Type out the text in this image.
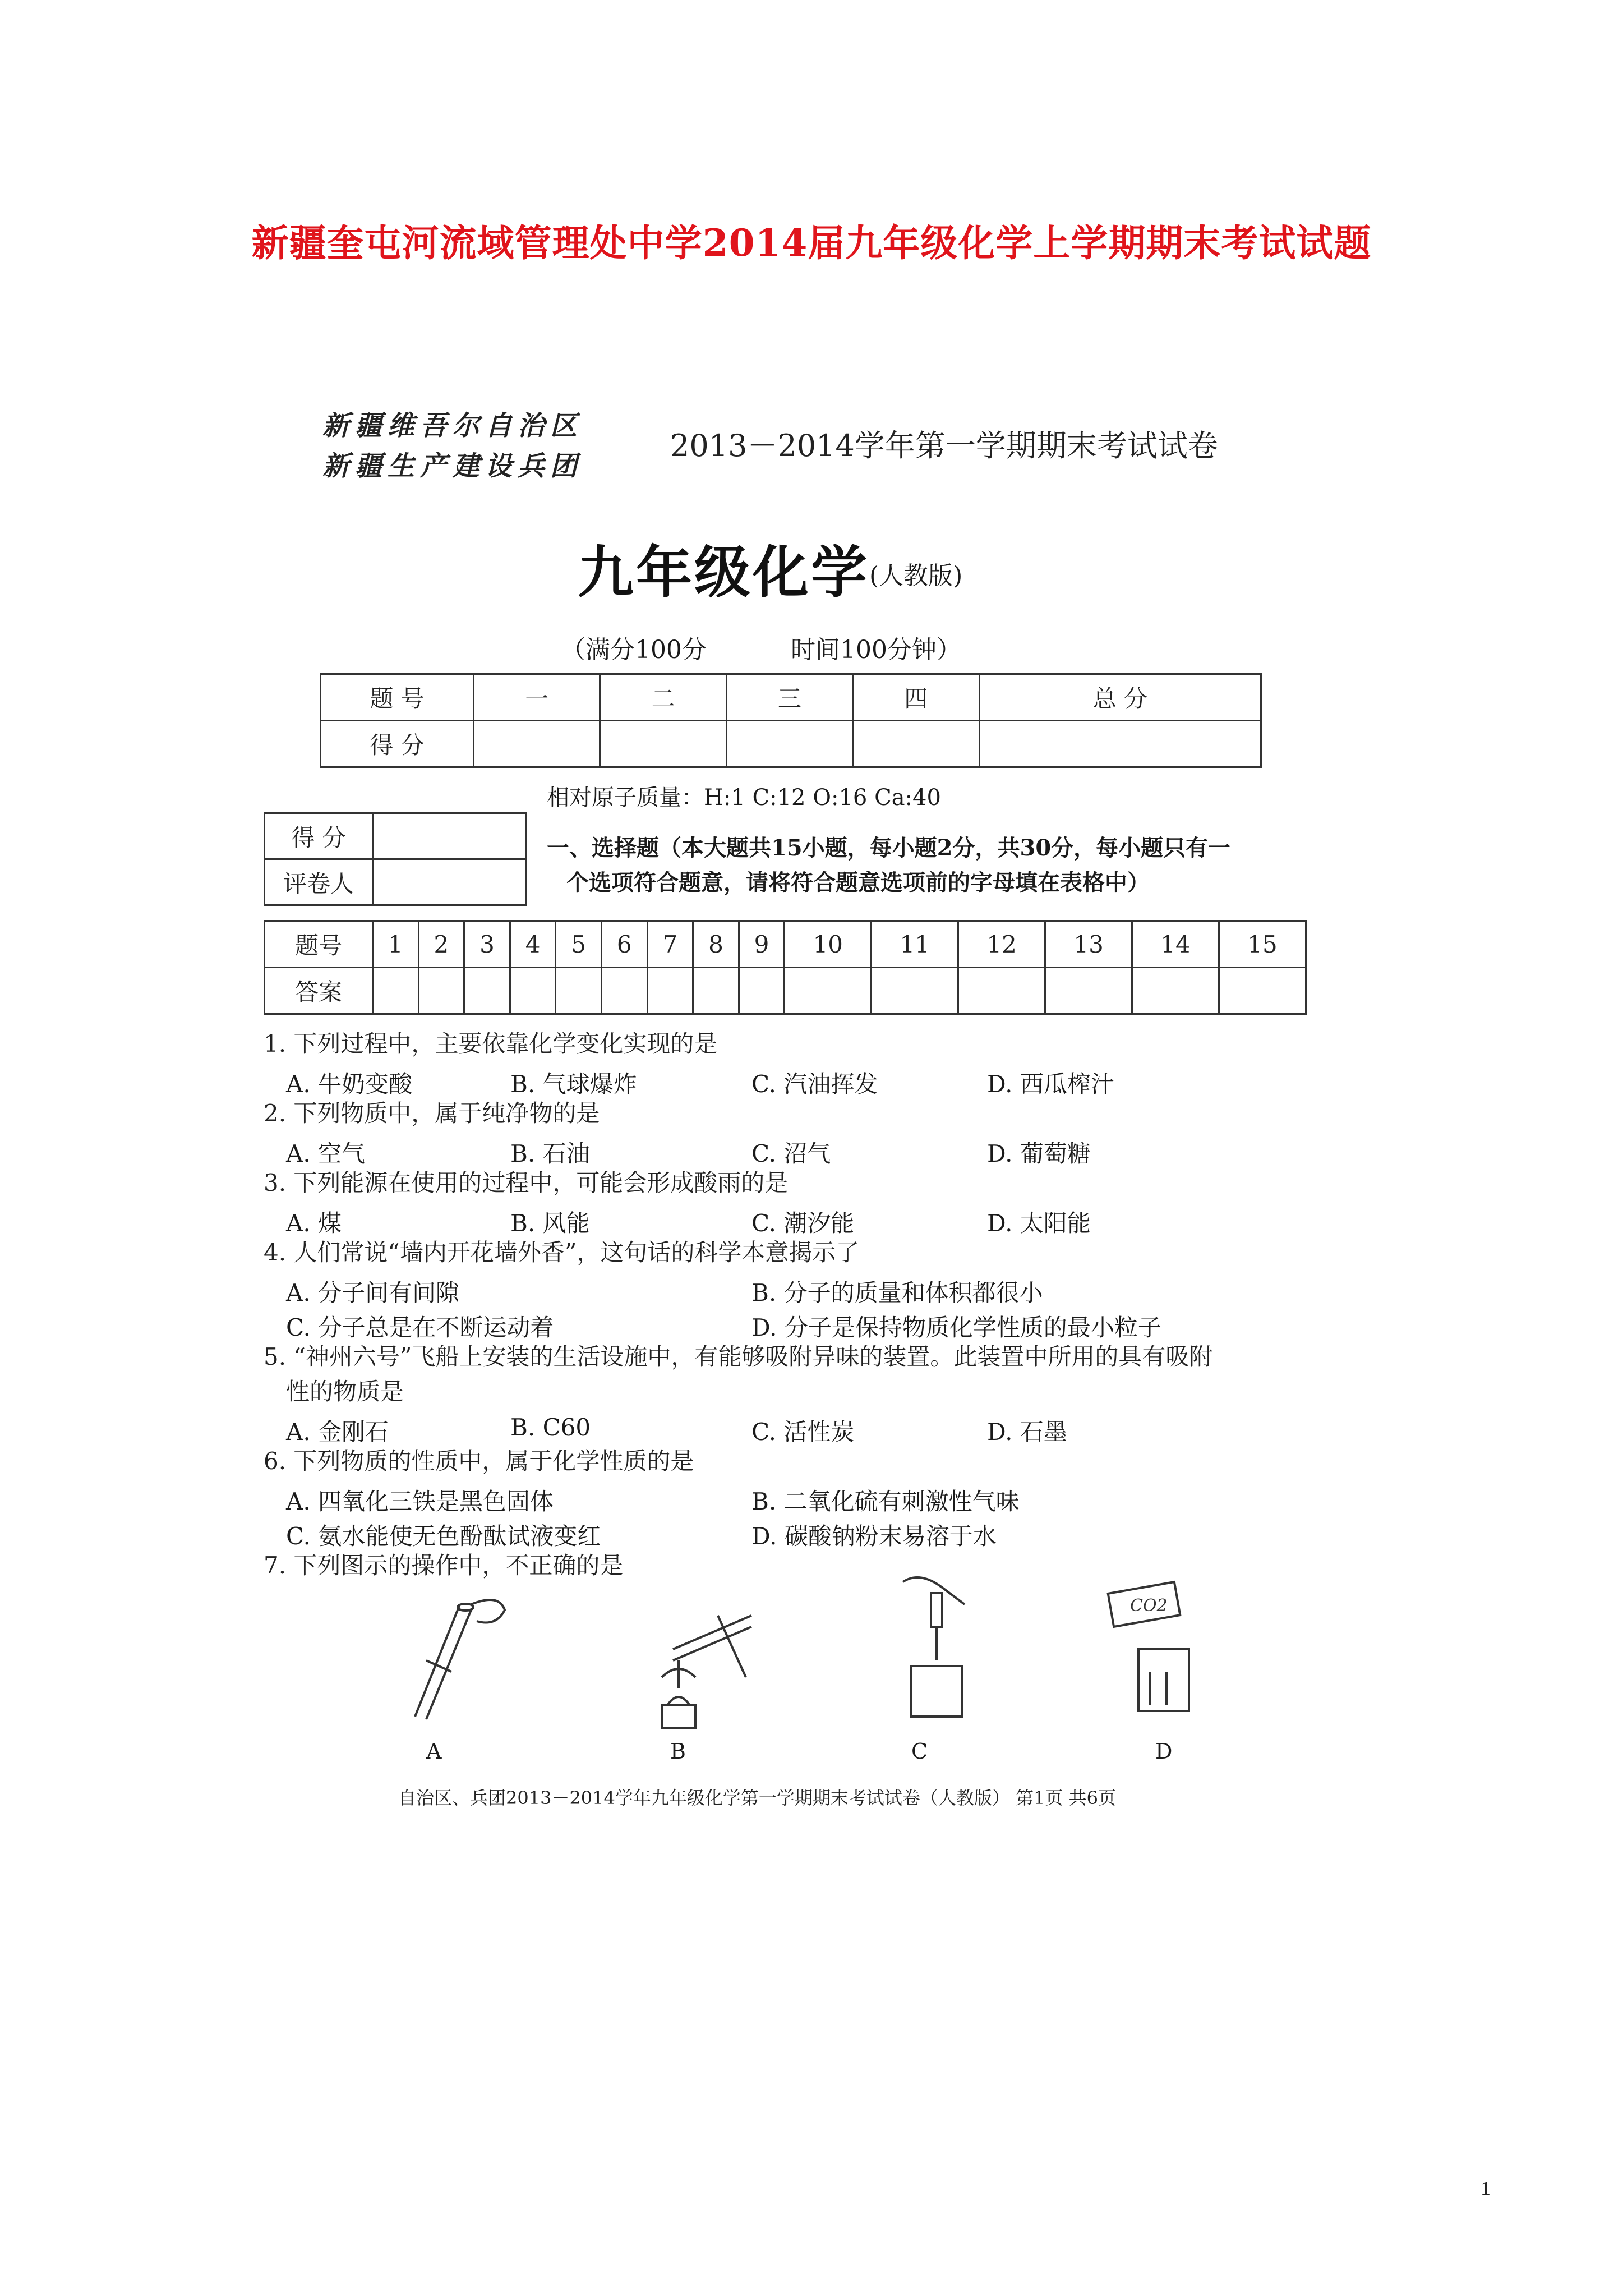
新疆奎屯河流域管理处中学2014届九年级化学上学期期末考试试题
新疆维吾尔自治区
新疆生产建设兵团
2013－2014学年第一学期期末考试试卷
九年级化学 (人教版)
（满分100分	时间100分钟）
题 号	一	二	三	四	总 分
得 分					
相对原子质量：H:1 C:12 O:16 Ca:40
得 分	
评卷人	
一、选择题（本大题共15小题，每小题2分，共30分，每小题只有一
个选项符合题意，请将符合题意选项前的字母填在表格中）
题号	1	2	3	4	5	6	7	8	9	10	11	12	13	14	15
答案															
1. 下列过程中，主要依靠化学变化实现的是
A. 牛奶变酸	B. 气球爆炸	C. 汽油挥发	D. 西瓜榨汁
2. 下列物质中，属于纯净物的是
A. 空气	B. 石油	C. 沼气	D. 葡萄糖
3. 下列能源在使用的过程中，可能会形成酸雨的是
A. 煤	B. 风能	C. 潮汐能	D. 太阳能
4. 人们常说“墙内开花墙外香”，这句话的科学本意揭示了
A. 分子间有间隙	B. 分子的质量和体积都很小
C. 分子总是在不断运动着	D. 分子是保持物质化学性质的最小粒子
5. “神州六号”飞船上安装的生活设施中，有能够吸附异味的装置。此装置中所用的具有吸附
性的物质是
A. 金刚石	B. C60	C. 活性炭	D. 石墨
6. 下列物质的性质中，属于化学性质的是
A. 四氧化三铁是黑色固体	B. 二氧化硫有刺激性气味
C. 氨水能使无色酚酞试液变红	D. 碳酸钠粉末易溶于水
7. 下列图示的操作中，不正确的是
CO2
A	B	C	D
自治区、兵团2013－2014学年九年级化学第一学期期末考试试卷（人教版） 第1页 共6页
1
